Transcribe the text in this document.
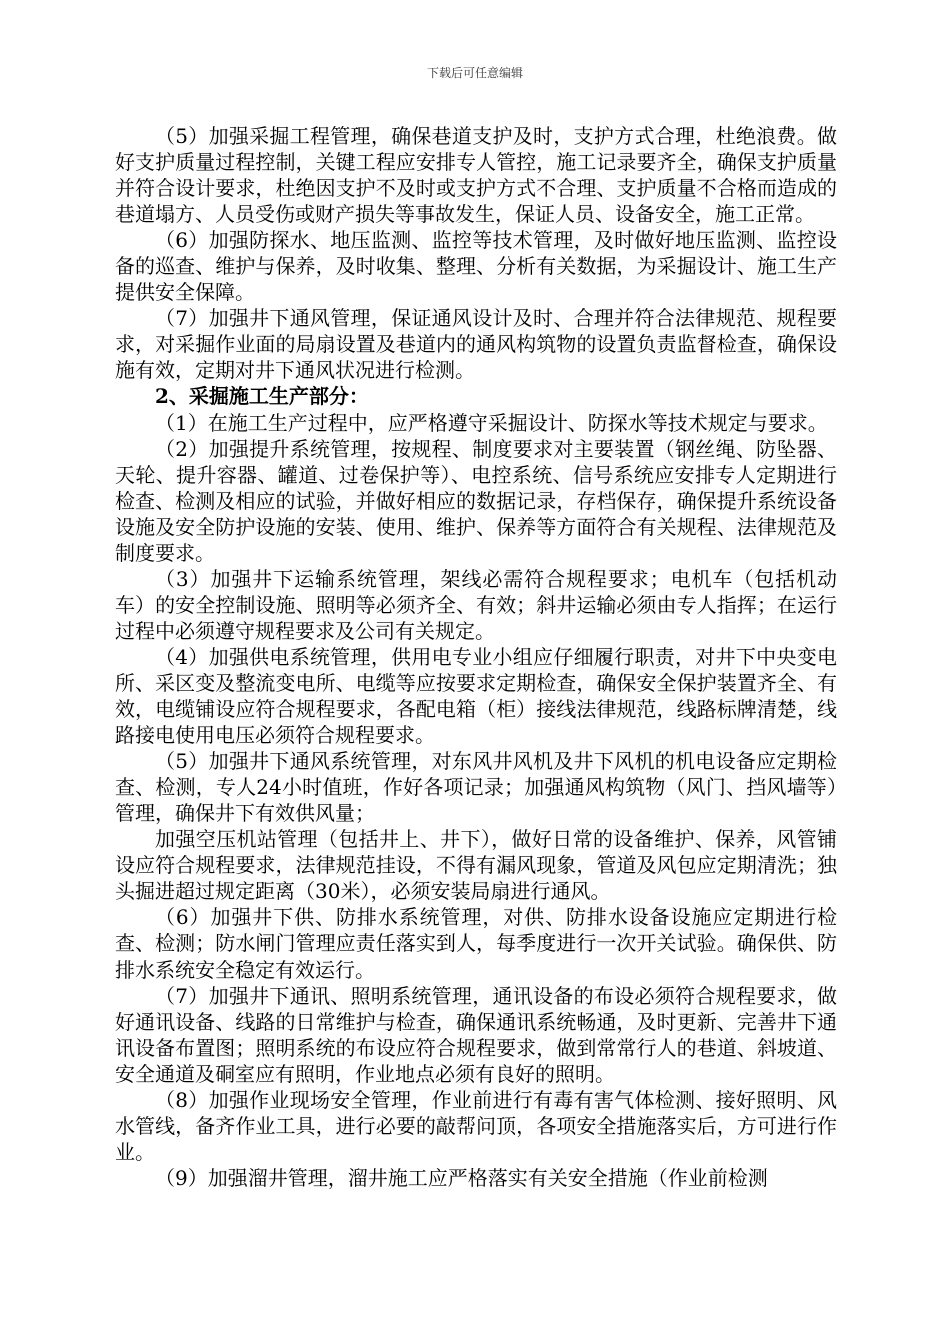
下载后可任意编辑

（5）加强采掘工程管理，确保巷道支护及时，支护方式合理，杜绝浪费。做好支护质量过程控制，关键工程应安排专人管控，施工记录要齐全，确保支护质量并符合设计要求，杜绝因支护不及时或支护方式不合理、支护质量不合格而造成的巷道塌方、人员受伤或财产损失等事故发生，保证人员、设备安全，施工正常。

（6）加强防探水、地压监测、监控等技术管理，及时做好地压监测、监控设备的巡查、维护与保养，及时收集、整理、分析有关数据，为采掘设计、施工生产提供安全保障。

（7）加强井下通风管理，保证通风设计及时、合理并符合法律规范、规程要求，对采掘作业面的局扇设置及巷道内的通风构筑物的设置负责监督检查，确保设施有效，定期对井下通风状况进行检测。

2、采掘施工生产部分：

（1）在施工生产过程中，应严格遵守采掘设计、防探水等技术规定与要求。

（2）加强提升系统管理，按规程、制度要求对主要装置（钢丝绳、防坠器、天轮、提升容器、罐道、过卷保护等）、电控系统、信号系统应安排专人定期进行检查、检测及相应的试验，并做好相应的数据记录，存档保存，确保提升系统设备设施及安全防护设施的安装、使用、维护、保养等方面符合有关规程、法律规范及制度要求。

（3）加强井下运输系统管理，架线必需符合规程要求；电机车（包括机动车）的安全控制设施、照明等必须齐全、有效；斜井运输必须由专人指挥；在运行过程中必须遵守规程要求及公司有关规定。

（4）加强供电系统管理，供用电专业小组应仔细履行职责，对井下中央变电所、采区变及整流变电所、电缆等应按要求定期检查，确保安全保护装置齐全、有效，电缆铺设应符合规程要求，各配电箱（柜）接线法律规范，线路标牌清楚，线路接电使用电压必须符合规程要求。

（5）加强井下通风系统管理，对东风井风机及井下风机的机电设备应定期检查、检测，专人24小时值班，作好各项记录；加强通风构筑物（风门、挡风墙等）管理，确保井下有效供风量；

加强空压机站管理（包括井上、井下），做好日常的设备维护、保养，风管铺设应符合规程要求，法律规范挂设，不得有漏风现象，管道及风包应定期清洗；独头掘进超过规定距离（30米），必须安装局扇进行通风。

（6）加强井下供、防排水系统管理，对供、防排水设备设施应定期进行检查、检测；防水闸门管理应责任落实到人，每季度进行一次开关试验。确保供、防排水系统安全稳定有效运行。

（7）加强井下通讯、照明系统管理，通讯设备的布设必须符合规程要求，做好通讯设备、线路的日常维护与检查，确保通讯系统畅通，及时更新、完善井下通讯设备布置图；照明系统的布设应符合规程要求，做到常常行人的巷道、斜坡道、安全通道及硐室应有照明，作业地点必须有良好的照明。

（8）加强作业现场安全管理，作业前进行有毒有害气体检测、接好照明、风水管线，备齐作业工具，进行必要的敲帮问顶，各项安全措施落实后，方可进行作业。

（9）加强溜井管理，溜井施工应严格落实有关安全措施（作业前检测
